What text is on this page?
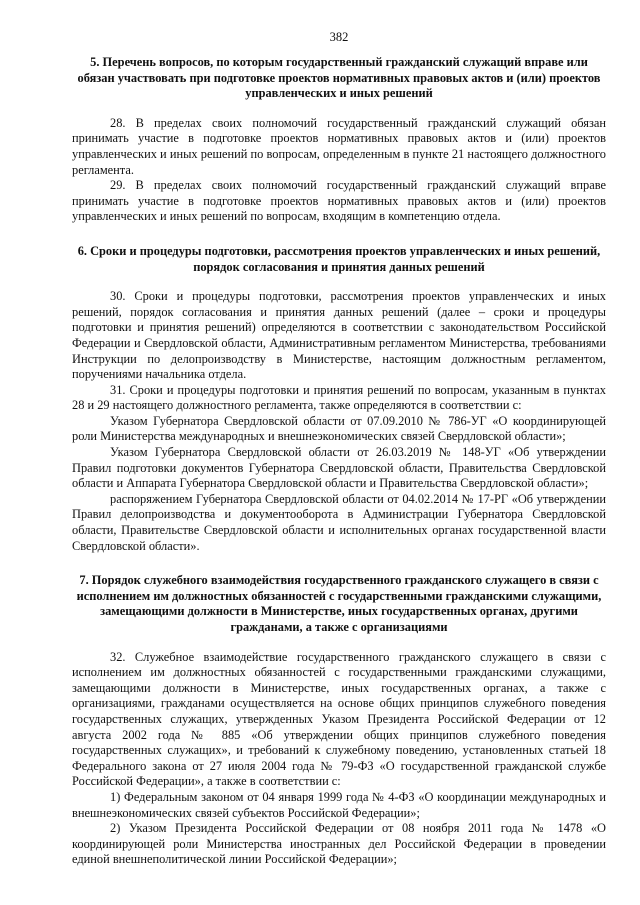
382

5. Перечень вопросов, по которым государственный гражданский служащий вправе или обязан участвовать при подготовке проектов нормативных правовых актов и (или) проектов управленческих и иных решений

28. В пределах своих полномочий государственный гражданский служащий обязан принимать участие в подготовке проектов нормативных правовых актов и (или) проектов управленческих и иных решений по вопросам, определенным в пункте 21 настоящего должностного регламента.

29. В пределах своих полномочий государственный гражданский служащий вправе принимать участие в подготовке проектов нормативных правовых актов и (или) проектов управленческих и иных решений по вопросам, входящим в компетенцию отдела.

6. Сроки и процедуры подготовки, рассмотрения проектов управленческих и иных решений, порядок согласования и принятия данных решений

30. Сроки и процедуры подготовки, рассмотрения проектов управленческих и иных решений, порядок согласования и принятия данных решений (далее – сроки и процедуры подготовки и принятия решений) определяются в соответствии с законодательством Российской Федерации и Свердловской области, Административным регламентом Министерства, требованиями Инструкции по делопроизводству в Министерстве, настоящим должностным регламентом, поручениями начальника отдела.

31. Сроки и процедуры подготовки и принятия решений по вопросам, указанным в пунктах 28 и 29 настоящего должностного регламента, также определяются в соответствии с:

Указом Губернатора Свердловской области от 07.09.2010 № 786-УГ «О координирующей роли Министерства международных и внешнеэкономических связей Свердловской области»;

Указом Губернатора Свердловской области от 26.03.2019 № 148-УГ «Об утверждении Правил подготовки документов Губернатора Свердловской области, Правительства Свердловской области и Аппарата Губернатора Свердловской области и Правительства Свердловской области»;

распоряжением Губернатора Свердловской области от 04.02.2014 № 17-РГ «Об утверждении Правил делопроизводства и документооборота в Администрации Губернатора Свердловской области, Правительстве Свердловской области и исполнительных органах государственной власти Свердловской области».

7. Порядок служебного взаимодействия государственного гражданского служащего в связи с исполнением им должностных обязанностей с государственными гражданскими служащими, замещающими должности в Министерстве, иных государственных органах, другими гражданами, а также с организациями

32. Служебное взаимодействие государственного гражданского служащего в связи с исполнением им должностных обязанностей с государственными гражданскими служащими, замещающими должности в Министерстве, иных государственных органах, а также с организациями, гражданами осуществляется на основе общих принципов служебного поведения государственных служащих, утвержденных Указом Президента Российской Федерации от 12 августа 2002 года № 885 «Об утверждении общих принципов служебного поведения государственных служащих», и требований к служебному поведению, установленных статьей 18 Федерального закона от 27 июля 2004 года № 79-ФЗ «О государственной гражданской службе Российской Федерации», а также в соответствии с:

1) Федеральным законом от 04 января 1999 года № 4-ФЗ «О координации международных и внешнеэкономических связей субъектов Российской Федерации»;

2) Указом Президента Российской Федерации от 08 ноября 2011 года № 1478 «О координирующей роли Министерства иностранных дел Российской Федерации в проведении единой внешнеполитической линии Российской Федерации»;
